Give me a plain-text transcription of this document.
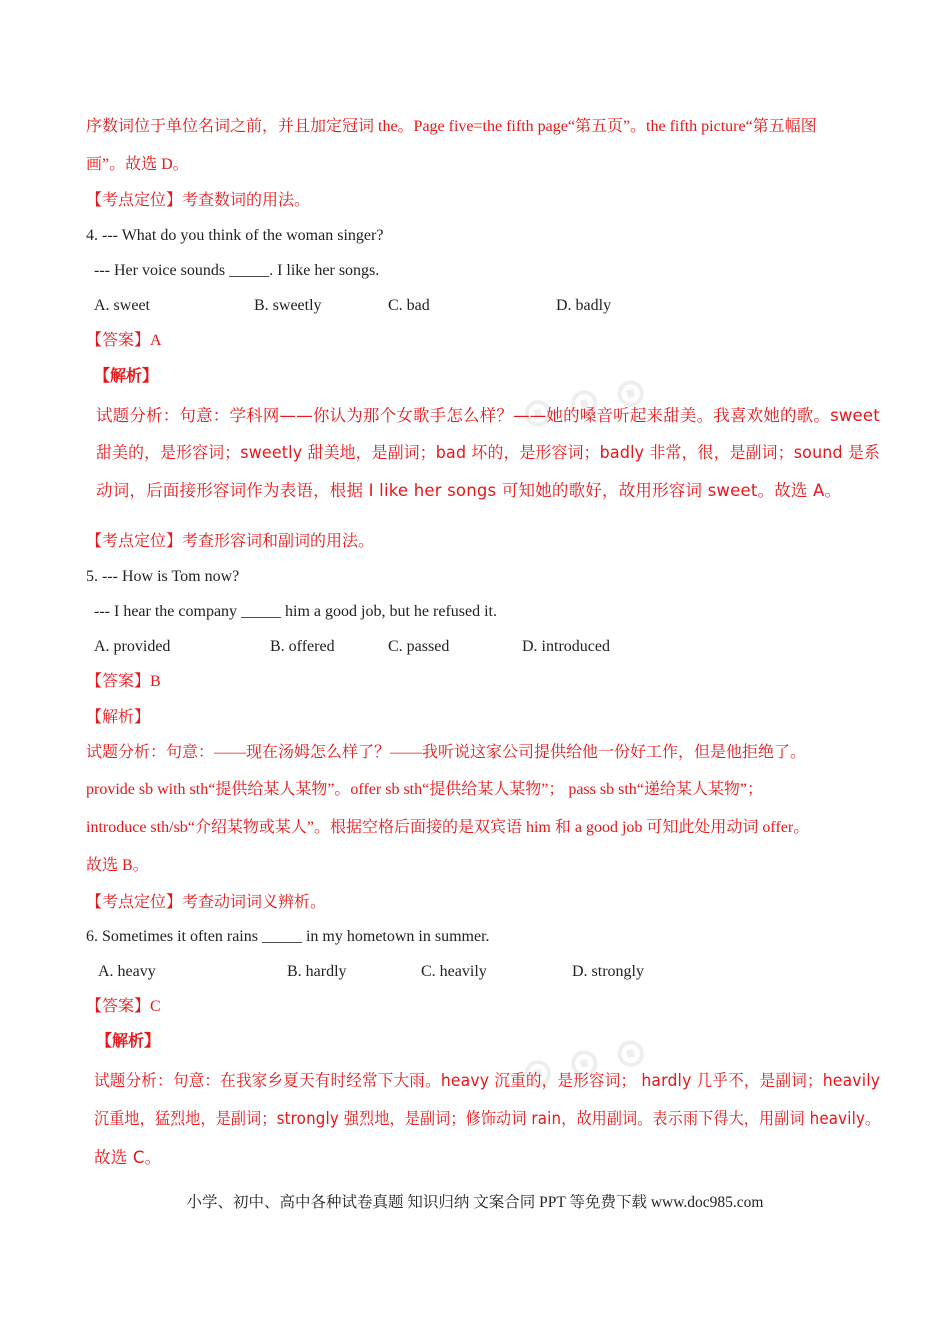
⊙ ⊙ ⊙
⊙ ⊙ ⊙
序数词位于单位名词之前，并且加定冠词 the。Page five=the fifth page“第五页”。the fifth picture“第五幅图
画”。故选 D。
【考点定位】考查数词的用法。
4. --- What do you think of the woman singer?
--- Her voice sounds _____. I like her songs.
A. sweet	B. sweetly	C. bad	D. badly
【答案】A
【解析】
试题分析：句意：学科网——你认为那个女歌手怎么样？——她的嗓音听起来甜美。我喜欢她的歌。sweet
甜美的，是形容词；sweetly 甜美地，是副词；bad 坏的，是形容词；badly 非常，很，是副词；sound 是系
动词，后面接形容词作为表语，根据 I like her songs 可知她的歌好，故用形容词 sweet。故选 A。
【考点定位】考查形容词和副词的用法。
5. --- How is Tom now?
--- I hear the company _____ him a good job, but he refused it.
A. provided	B. offered	C. passed	D. introduced
【答案】B
【解析】
试题分析：句意：——现在汤姆怎么样了？——我听说这家公司提供给他一份好工作，但是他拒绝了。
provide sb with sth“提供给某人某物”。offer sb sth“提供给某人某物”； pass sb sth“递给某人某物”；
introduce sth/sb“介绍某物或某人”。根据空格后面接的是双宾语 him 和 a good job 可知此处用动词 offer。
故选 B。
【考点定位】考查动词词义辨析。
6. Sometimes it often rains _____ in my hometown in summer.
A. heavy	B. hardly	C. heavily	D. strongly
【答案】C
【解析】
试题分析：句意：在我家乡夏天有时经常下大雨。heavy 沉重的，是形容词； hardly 几乎不，是副词；heavily
沉重地，猛烈地，是副词；strongly 强烈地，是副词；修饰动词 rain，故用副词。表示雨下得大，用副词 heavily。
故选 C。
小学、初中、高中各种试卷真题 知识归纳 文案合同 PPT 等免费下载 www.doc985.com
